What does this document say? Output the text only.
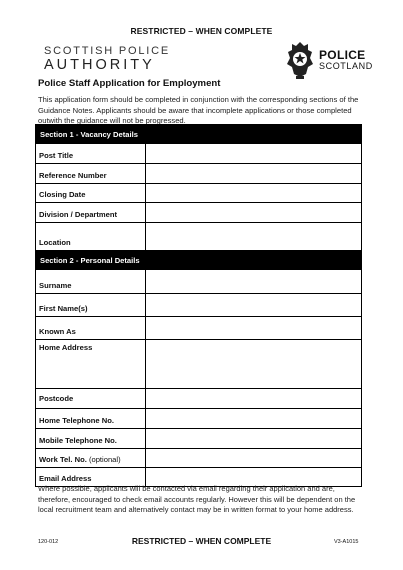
RESTRICTED – WHEN COMPLETE
SCOTTISH POLICE
AUTHORITY
POLICE
SCOTLAND
Police Staff Application for Employment
This application form should be completed in conjunction with the corresponding sections of the Guidance Notes. Applicants should be aware that incomplete applications or those completed outwith the guidance will not be progressed.
Section 1 - Vacancy Details	
Post Title	
Reference Number	
Closing Date	
Division / Department	
Location	
Section 2 - Personal Details	
Surname	
First Name(s)	
Known As	
Home Address	
Postcode	
Home Telephone No.	
Mobile Telephone No.	
Work Tel. No. (optional)	
Email Address	
Where possible, applicants will be contacted via email regarding their application and are, therefore, encouraged to check email accounts regularly. However this will be dependent on the local recruitment team and alternatively contact may be in written format to your home address.
120-012	RESTRICTED – WHEN COMPLETE	V3-A1015
